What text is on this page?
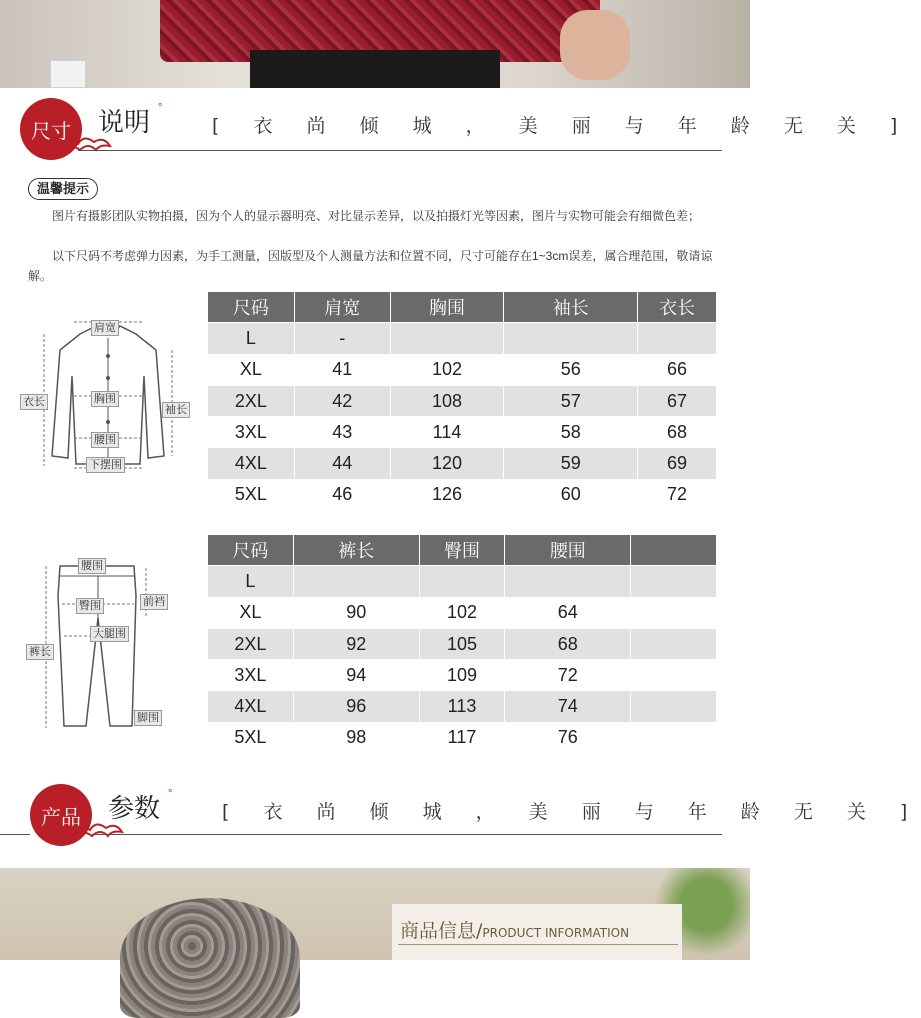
尺寸	说明 °
[ 衣 尚 倾 城 ， 美 丽 与 年 龄 无 关 ]
温馨提示
图片有摄影团队实物拍摄，因为个人的显示器明亮、对比显示差异，以及拍摄灯光等因素，图片与实物可能会有细微色差；
以下尺码不考虑弹力因素，为手工测量，因版型及个人测量方法和位置不同，尺寸可能存在1~3cm误差，属合理范围，敬请谅解。
肩宽
衣长	胸围
袖长
腰围
下摆围
尺码	肩宽	胸围	袖长	衣长
L	-			
XL	41	102	56	66
2XL	42	108	57	67
3XL	43	114	58	68
4XL	44	120	59	69
5XL	46	126	60	72
腰围
臀围	前裆
裤长
大腿围
脚围
尺码	裤长	臀围	腰围	
L				
XL	90	102	64	
2XL	92	105	68	
3XL	94	109	72	
4XL	96	113	74	
5XL	98	117	76	
产品	参数 °
[ 衣 尚 倾 城 ， 美 丽 与 年 龄 无 关 ]
商品信息/PRODUCT INFORMATION
